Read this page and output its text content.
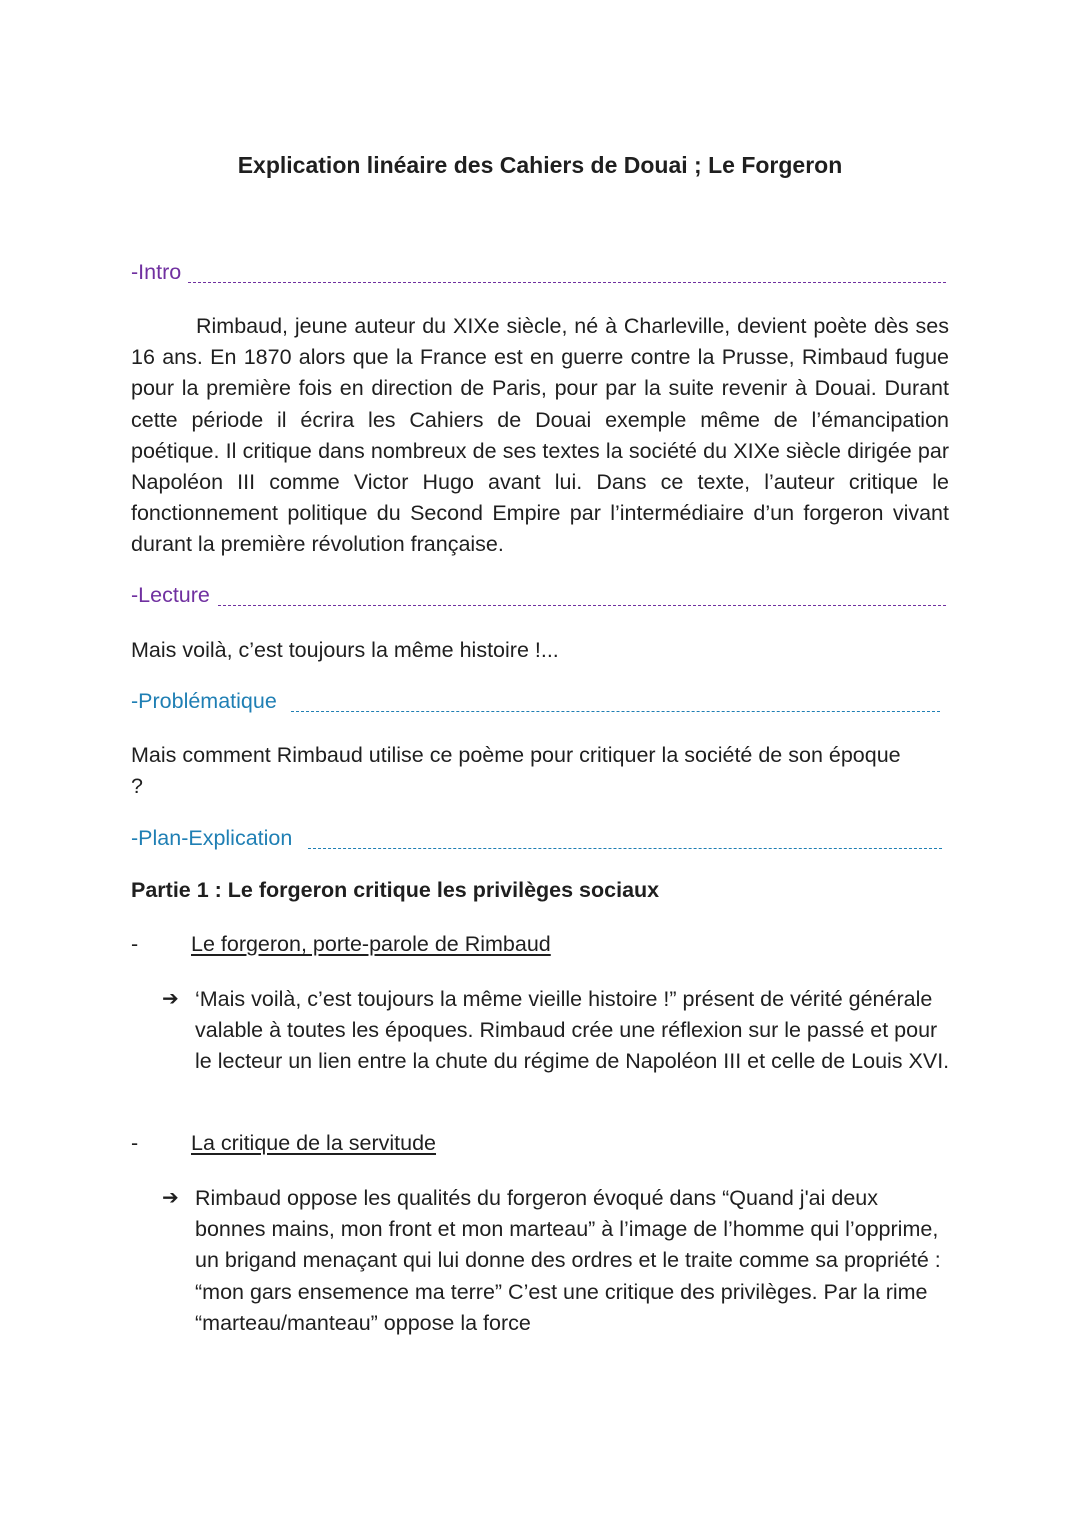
Explication linéaire des Cahiers de Douai ; Le Forgeron
-Intro

Rimbaud, jeune auteur du XIXe siècle, né à Charleville, devient poète dès ses 16 ans. En 1870 alors que la France est en guerre contre la Prusse, Rimbaud fugue pour la première fois en direction de Paris, pour par la suite revenir à Douai. Durant cette période il écrira les Cahiers de Douai exemple même de l’émancipation poétique. Il critique dans nombreux de ses textes la société du XIXe siècle dirigée par Napoléon III comme Victor Hugo avant lui. Dans ce texte, l’auteur critique le fonctionnement politique du Second Empire par l’intermédiaire d’un forgeron vivant durant la première révolution française.

-Lecture

Mais voilà, c’est toujours la même histoire !...

-Problématique

Mais comment Rimbaud utilise ce poème pour critiquer la société de son époque ?

-Plan-Explication
Partie 1 : Le forgeron critique les privilèges sociaux
- Le forgeron, porte-parole de Rimbaud
➔ ‘Mais voilà, c’est toujours la même vieille histoire !” présent de vérité générale valable à toutes les époques. Rimbaud crée une réflexion sur le passé et pour le lecteur un lien entre la chute du régime de Napoléon III et celle de Louis XVI.
- La critique de la servitude
➔ Rimbaud oppose les qualités du forgeron évoqué dans “Quand j'ai deux bonnes mains, mon front et mon marteau” à l’image de l’homme qui l’opprime, un brigand menaçant qui lui donne des ordres et le traite comme sa propriété : “mon gars ensemence ma terre” C’est une critique des privilèges. Par la rime “marteau/manteau” oppose la force
